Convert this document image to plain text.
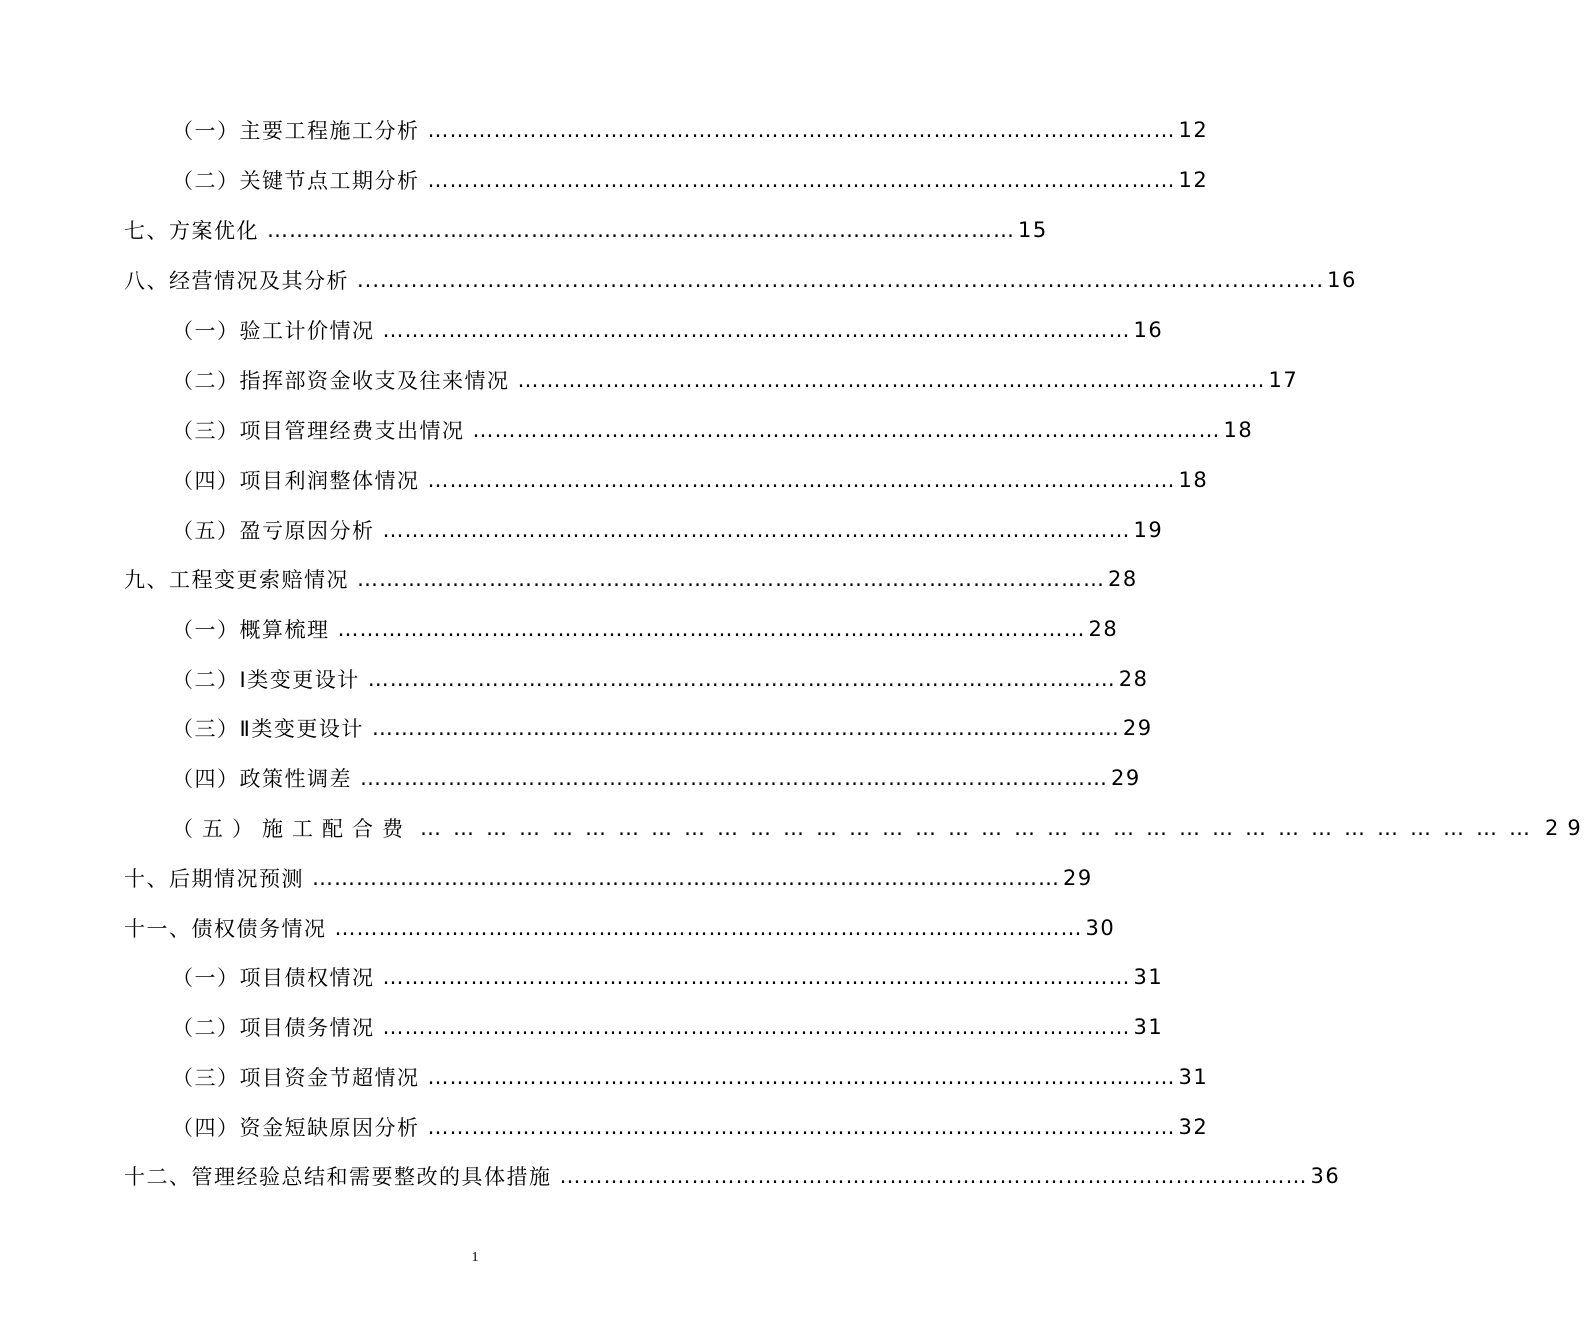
（一）主要工程施工分析 ………………………………………………………………………………………… 12
（二）关键节点工期分析 ………………………………………………………………………………………… 12
七、方案优化 ………………………………………………………………………………………… 15
八、经营情况及其分析 .............................................................................................................................. 16
（一）验工计价情况 ………………………………………………………………………………………… 16
（二）指挥部资金收支及往来情况 ………………………………………………………………………………………… 17
（三）项目管理经费支出情况 ………………………………………………………………………………………… 18
（四）项目利润整体情况 ………………………………………………………………………………………… 18
（五）盈亏原因分析 ………………………………………………………………………………………… 19
九、工程变更索赔情况 ………………………………………………………………………………………… 28
（一）概算梳理 ………………………………………………………………………………………… 28
（二）Ⅰ类变更设计 ………………………………………………………………………………………… 28
（三）Ⅱ类变更设计 ………………………………………………………………………………………… 29
（四）政策性调差 ………………………………………………………………………………………… 29
（五）施工配合费 ………………………………………………………………………………………… 29
十、后期情况预测 ………………………………………………………………………………………… 29
十一、债权债务情况 ………………………………………………………………………………………… 30
（一）项目债权情况 ………………………………………………………………………………………… 31
（二）项目债务情况 ………………………………………………………………………………………… 31
（三）项目资金节超情况 ………………………………………………………………………………………… 31
（四）资金短缺原因分析 ………………………………………………………………………………………… 32
十二、管理经验总结和需要整改的具体措施 ………………………………………………………………………………………… 36
1
